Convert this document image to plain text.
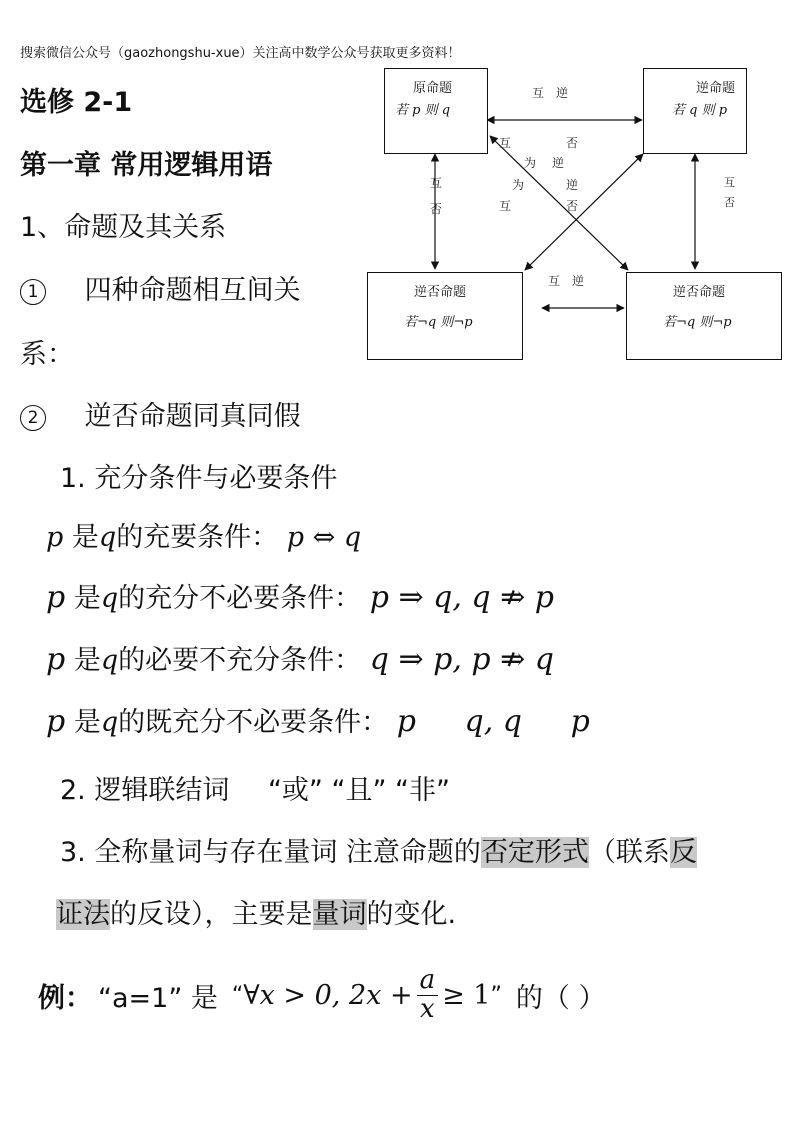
搜索微信公众号（gaozhongshu-xue）关注高中数学公众号获取更多资料！
选修 2-1
第一章 常用逻辑用语
1、命题及其关系
1 四种命题相互间关
系：
2 逆否命题同真同假
1. 充分条件与必要条件
p 是q的充要条件： p ⇔ q
p 是q的充分不必要条件： p ⇒ q, q ⇏ p
p 是q的必要不充分条件： q ⇒ p, p ⇏ q
p 是q的既充分不必要条件： p q, q p
2. 逻辑联结词 “或” “且” “非”
3. 全称量词与存在量词 注意命题的否定形式（联系反
证法的反设），主要是量词的变化.
例： “a=1” 是 “ ∀x > 0, $2x + \frac{a}{x} \ge 1$ ” 的（ ）
原命题
若 p 则 q
逆命题
若 q 则 p
逆否命题
若¬q 则¬p
逆否命题
若¬q 则¬p
互　逆
互　逆
互
否
互
否
互	否
为 逆
为	逆
互	否
